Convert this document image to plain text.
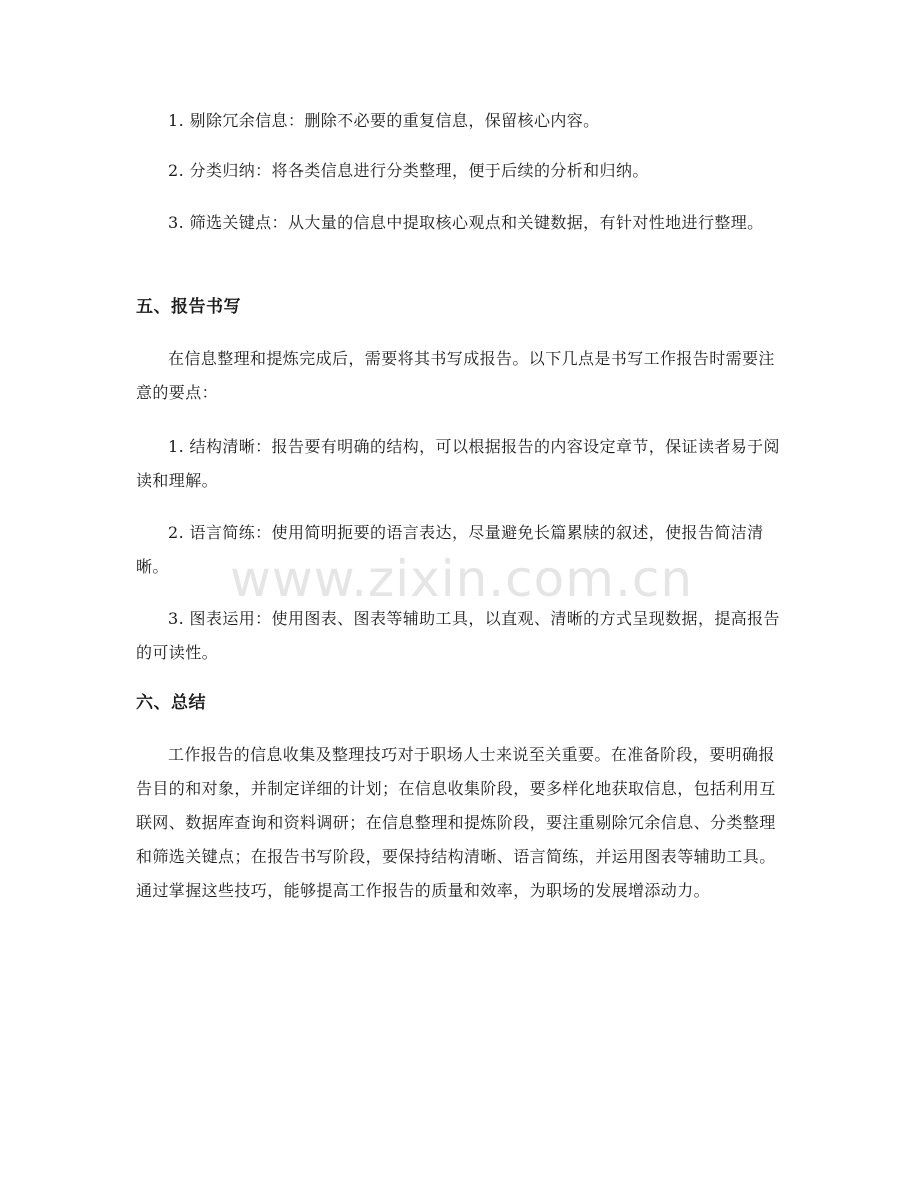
1. 剔除冗余信息：删除不必要的重复信息，保留核心内容。

2. 分类归纳：将各类信息进行分类整理，便于后续的分析和归纳。

3. 筛选关键点：从大量的信息中提取核心观点和关键数据，有针对性地进行整理。

五、报告书写

在信息整理和提炼完成后，需要将其书写成报告。以下几点是书写工作报告时需要注意的要点：

1. 结构清晰：报告要有明确的结构，可以根据报告的内容设定章节，保证读者易于阅读和理解。

2. 语言简练：使用简明扼要的语言表达，尽量避免长篇累牍的叙述，使报告简洁清晰。

3. 图表运用：使用图表、图表等辅助工具，以直观、清晰的方式呈现数据，提高报告的可读性。

六、总结

工作报告的信息收集及整理技巧对于职场人士来说至关重要。在准备阶段，要明确报告目的和对象，并制定详细的计划；在信息收集阶段，要多样化地获取信息，包括利用互联网、数据库查询和资料调研；在信息整理和提炼阶段，要注重剔除冗余信息、分类整理和筛选关键点；在报告书写阶段，要保持结构清晰、语言简练，并运用图表等辅助工具。通过掌握这些技巧，能够提高工作报告的质量和效率，为职场的发展增添动力。

www.zixin.com.cn
